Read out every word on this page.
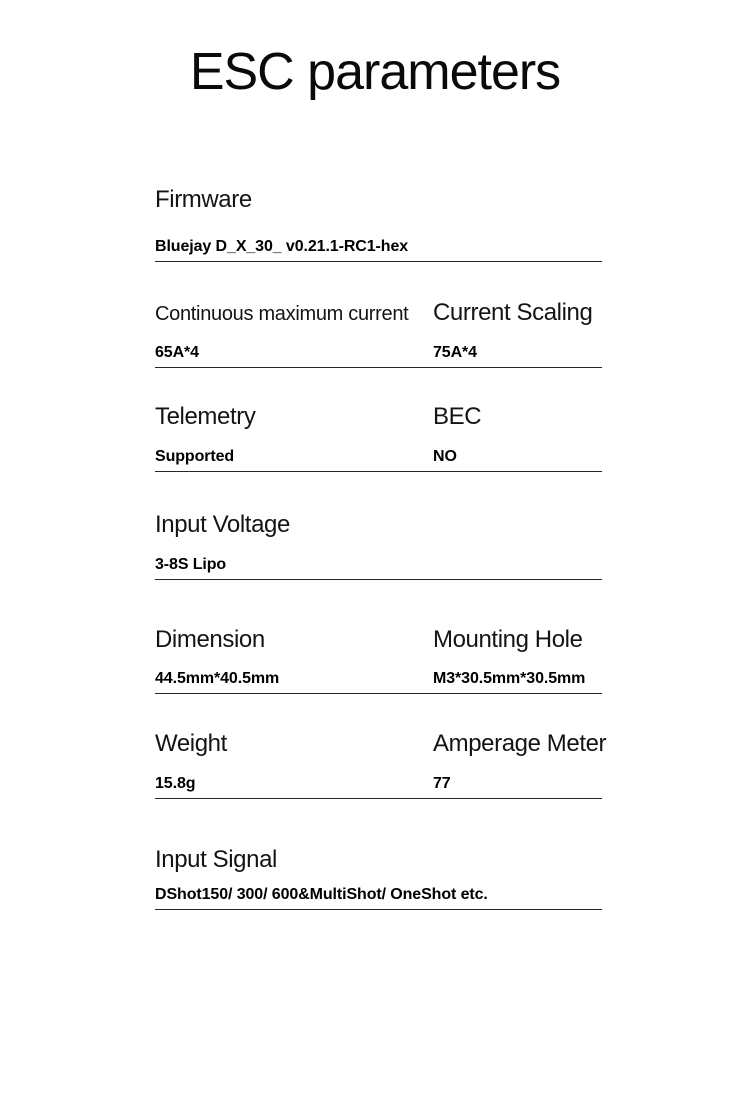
ESC parameters
Firmware
Bluejay D_X_30_ v0.21.1-RC1-hex
Continuous maximum current	Current Scaling
65A*4	75A*4
Telemetry	BEC
Supported	NO
Input Voltage
3-8S Lipo
Dimension	Mounting Hole
44.5mm*40.5mm	M3*30.5mm*30.5mm
Weight	Amperage Meter
15.8g	77
Input Signal
DShot150/ 300/ 600&MultiShot/ OneShot etc.
